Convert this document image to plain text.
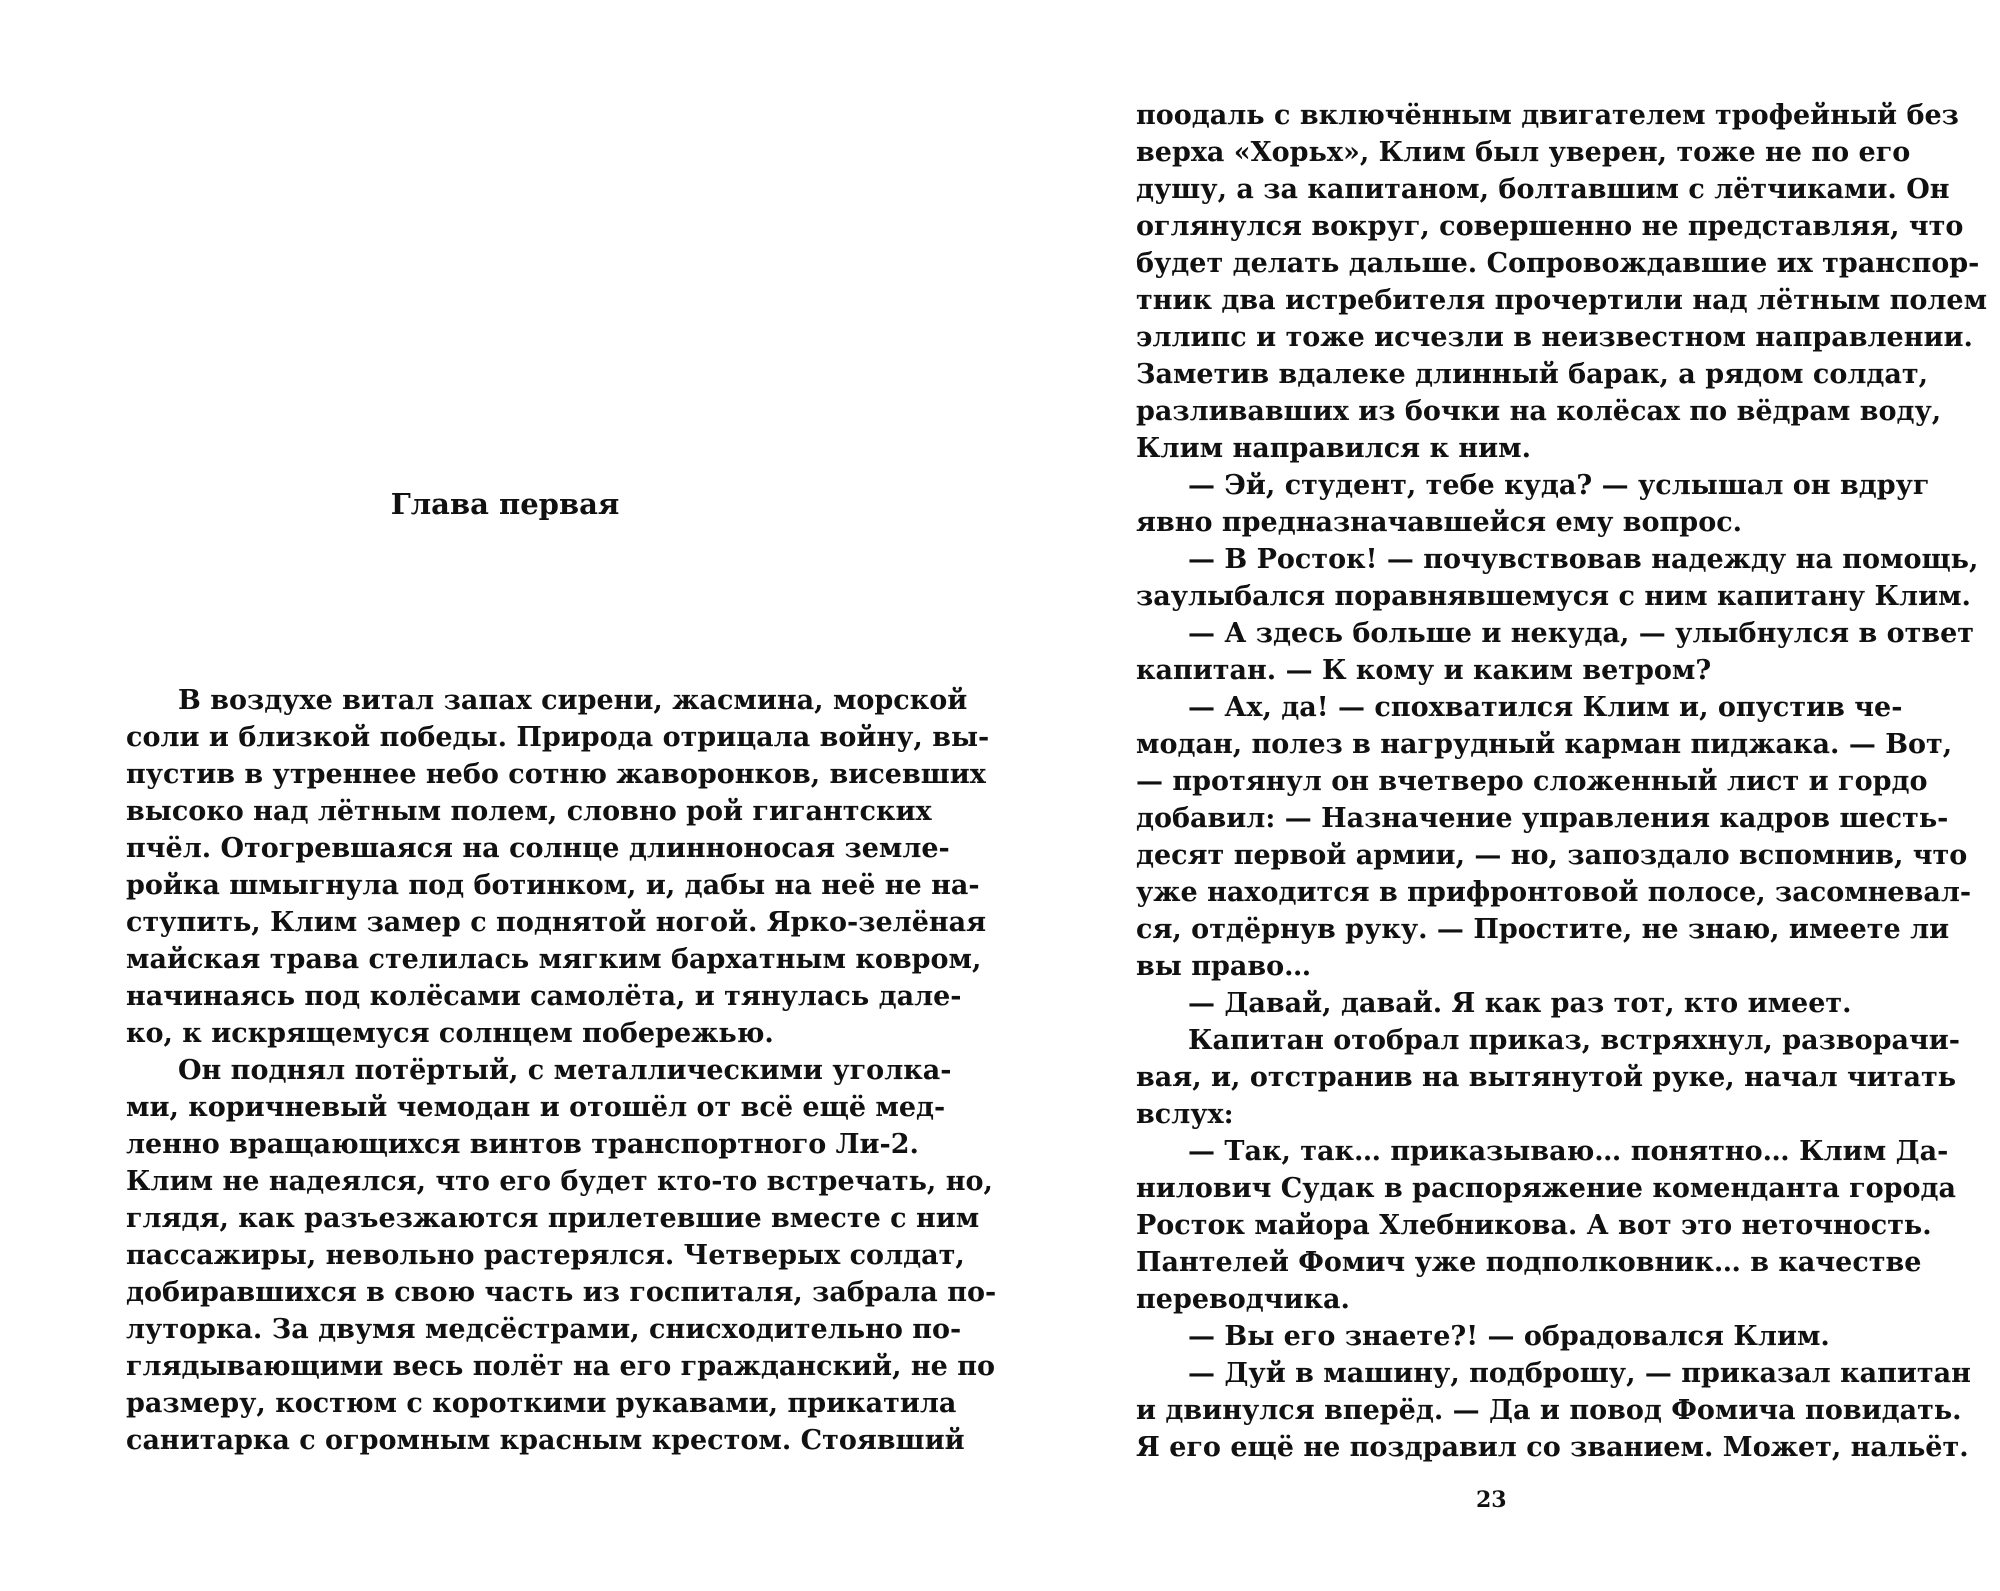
Глава первая
В воздухе витал запах сирени, жасмина, морской
соли и близкой победы. Природа отрицала войну, вы-
пустив в утреннее небо сотню жаворонков, висевших
высоко над лётным полем, словно рой гигантских
пчёл. Отогревшаяся на солнце длинноносая земле-
ройка шмыгнула под ботинком, и, дабы на неё не на-
ступить, Клим замер с поднятой ногой. Ярко-зелёная
майская трава стелилась мягким бархатным ковром,
начинаясь под колёсами самолёта, и тянулась дале-
ко, к искрящемуся солнцем побережью.
Он поднял потёртый, с металлическими уголка-
ми, коричневый чемодан и отошёл от всё ещё мед-
ленно вращающихся винтов транспортного Ли-2.
Клим не надеялся, что его будет кто-то встречать, но,
глядя, как разъезжаются прилетевшие вместе с ним
пассажиры, невольно растерялся. Четверых солдат,
добиравшихся в свою часть из госпиталя, забрала по-
луторка. За двумя медсёстрами, снисходительно по-
глядывающими весь полёт на его гражданский, не по
размеру, костюм с короткими рукавами, прикатила
санитарка с огромным красным крестом. Стоявший
поодаль с включённым двигателем трофейный без
верха «Хорьх», Клим был уверен, тоже не по его
душу, а за капитаном, болтавшим с лётчиками. Он
оглянулся вокруг, совершенно не представляя, что
будет делать дальше. Сопровождавшие их транспор-
тник два истребителя прочертили над лётным полем
эллипс и тоже исчезли в неизвестном направлении.
Заметив вдалеке длинный барак, а рядом солдат,
разливавших из бочки на колёсах по вёдрам воду,
Клим направился к ним.
— Эй, студент, тебе куда? — услышал он вдруг
явно предназначавшейся ему вопрос.
— В Росток! — почувствовав надежду на помощь,
заулыбался поравнявшемуся с ним капитану Клим.
— А здесь больше и некуда, — улыбнулся в ответ
капитан. — К кому и каким ветром?
— Ах, да! — спохватился Клим и, опустив че-
модан, полез в нагрудный карман пиджака. — Вот,
— протянул он вчетверо сложенный лист и гордо
добавил: — Назначение управления кадров шесть-
десят первой армии, — но, запоздало вспомнив, что
уже находится в прифронтовой полосе, засомневал-
ся, отдёрнув руку. — Простите, не знаю, имеете ли
вы право…
— Давай, давай. Я как раз тот, кто имеет.
Капитан отобрал приказ, встряхнул, разворачи-
вая, и, отстранив на вытянутой руке, начал читать
вслух:
— Так, так… приказываю… понятно… Клим Да-
нилович Судак в распоряжение коменданта города
Росток майора Хлебникова. А вот это неточность.
Пантелей Фомич уже подполковник… в качестве
переводчика.
— Вы его знаете?! — обрадовался Клим.
— Дуй в машину, подброшу, — приказал капитан
и двинулся вперёд. — Да и повод Фомича повидать.
Я его ещё не поздравил со званием. Может, нальёт.
23
